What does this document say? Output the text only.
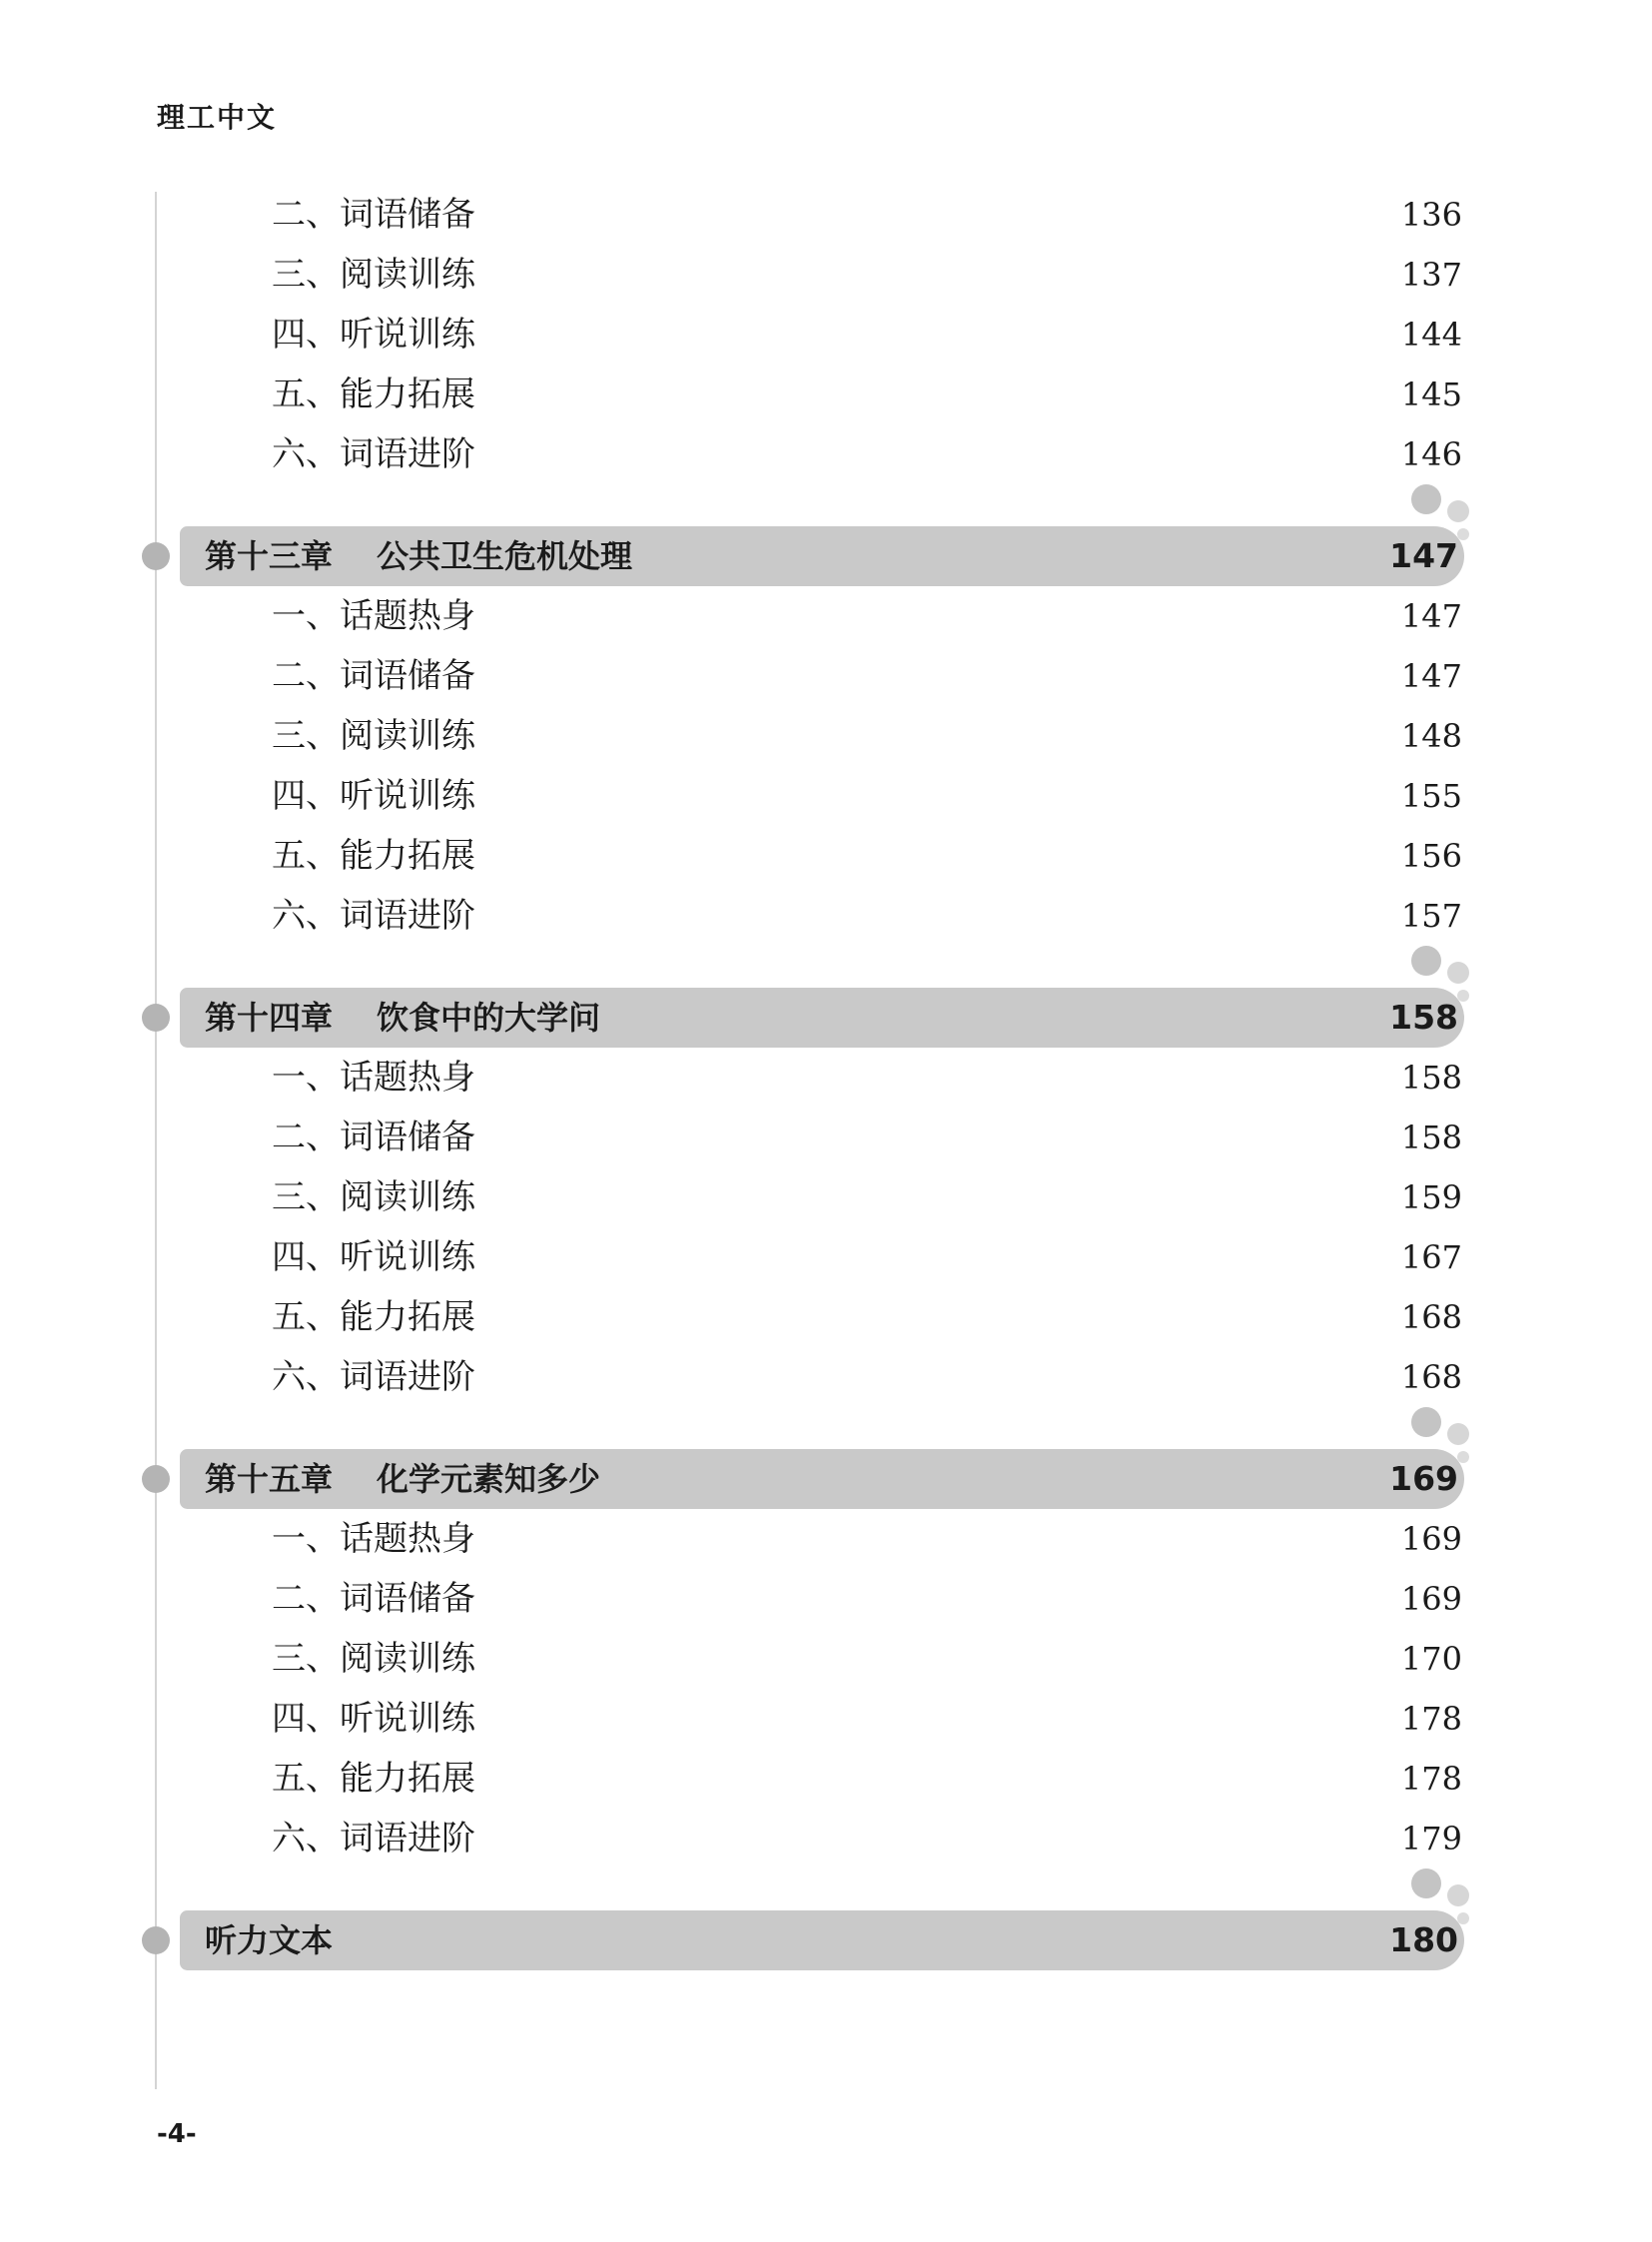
理工中文
二、词语储备	136
三、阅读训练	137
四、听说训练	144
五、能力拓展	145
六、词语进阶	146
第十三章 公共卫生危机处理	147
一、话题热身	147
二、词语储备	147
三、阅读训练	148
四、听说训练	155
五、能力拓展	156
六、词语进阶	157
第十四章 饮食中的大学问	158
一、话题热身	158
二、词语储备	158
三、阅读训练	159
四、听说训练	167
五、能力拓展	168
六、词语进阶	168
第十五章 化学元素知多少	169
一、话题热身	169
二、词语储备	169
三、阅读训练	170
四、听说训练	178
五、能力拓展	178
六、词语进阶	179
听力文本	180
-4-
